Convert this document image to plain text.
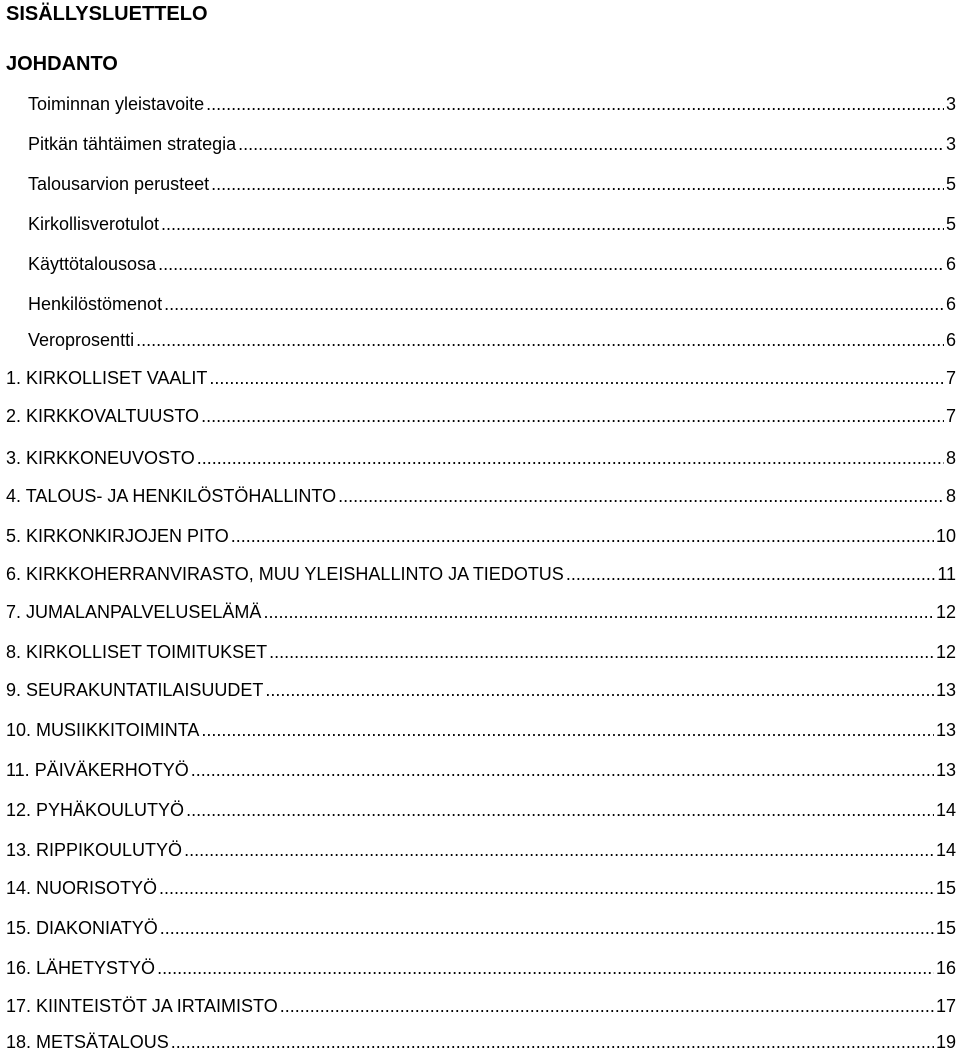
SISÄLLYSLUETTELO
JOHDANTO
Toiminnan yleistavoite .....	3
Pitkän tähtäimen strategia .....	3
Talousarvion perusteet .....	5
Kirkollisverotulot .....	5
Käyttötalousosa .....	6
Henkilöstömenot .....	6
Veroprosentti .....	6
1. KIRKOLLISET VAALIT .....	7
2. KIRKKOVALTUUSTO .....	7
3. KIRKKONEUVOSTO .....	8
4. TALOUS- JA HENKILÖSTÖHALLINTO .....	8
5. KIRKONKIRJOJEN PITO .....	10
6. KIRKKOHERRANVIRASTO, MUU YLEISHALLINTO JA TIEDOTUS .....	11
7. JUMALANPALVELUSELÄMÄ .....	12
8. KIRKOLLISET TOIMITUKSET .....	12
9. SEURAKUNTATILAISUUDET .....	13
10. MUSIIKKITOIMINTA .....	13
11. PÄIVÄKERHOTYÖ .....	13
12. PYHÄKOULUTYÖ .....	14
13. RIPPIKOULUTYÖ .....	14
14. NUORISOTYÖ .....	15
15. DIAKONIATYÖ .....	15
16. LÄHETYSTYÖ .....	16
17. KIINTEISTÖT JA IRTAIMISTO .....	17
18. METSÄTALOUS .....	19
